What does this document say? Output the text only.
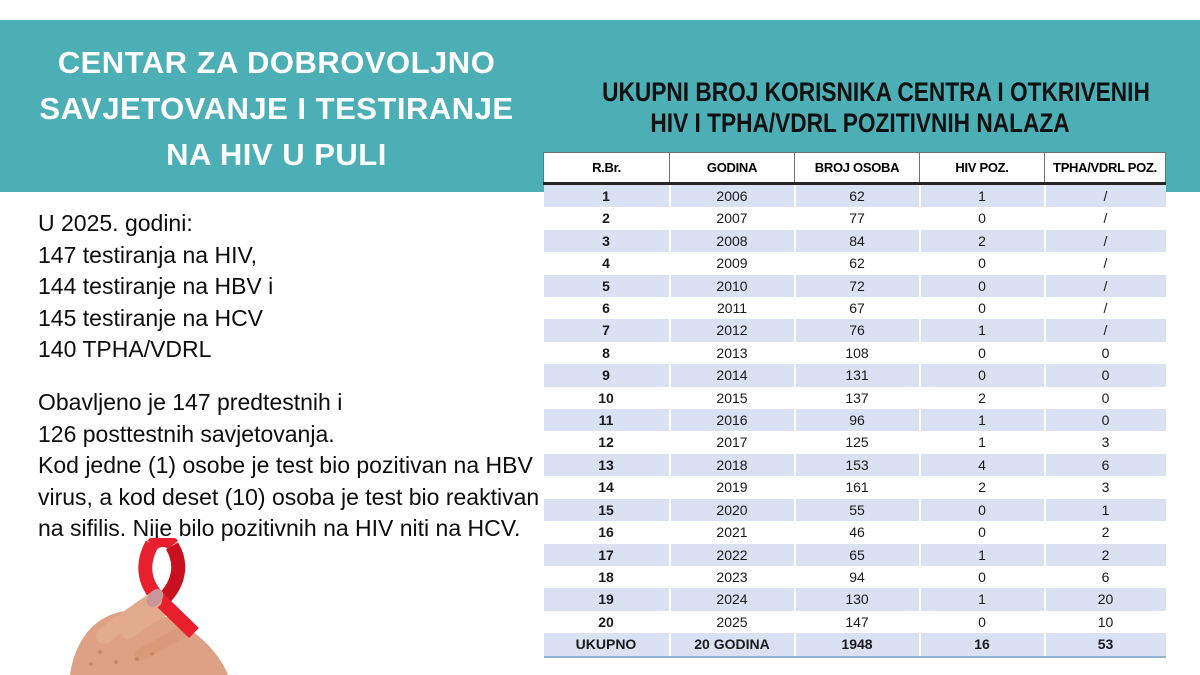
CENTAR ZA DOBROVOLJNO
SAVJETOVANJE I TESTIRANJE
NA HIV U PULI
UKUPNI BROJ KORISNIKA CENTRA I OTKRIVENIH
HIV I TPHA/VDRL POZITIVNIH NALAZA
U 2025. godini:
147 testiranja na HIV,
144 testiranje na HBV i
145 testiranje na HCV
140 TPHA/VDRL
Obavljeno je 147 predtestnih i
126 posttestnih savjetovanja.
Kod jedne (1) osobe je test bio pozitivan na HBV
virus, a kod deset (10) osoba je test bio reaktivan
na sifilis. Nije bilo pozitivnih na HIV niti na HCV.
R.Br.	GODINA	BROJ OSOBA	HIV POZ.	TPHA/VDRL POZ.
1	2006	62	1	/
2	2007	77	0	/
3	2008	84	2	/
4	2009	62	0	/
5	2010	72	0	/
6	2011	67	0	/
7	2012	76	1	/
8	2013	108	0	0
9	2014	131	0	0
10	2015	137	2	0
11	2016	96	1	0
12	2017	125	1	3
13	2018	153	4	6
14	2019	161	2	3
15	2020	55	0	1
16	2021	46	0	2
17	2022	65	1	2
18	2023	94	0	6
19	2024	130	1	20
20	2025	147	0	10
UKUPNO	20 GODINA	1948	16	53
